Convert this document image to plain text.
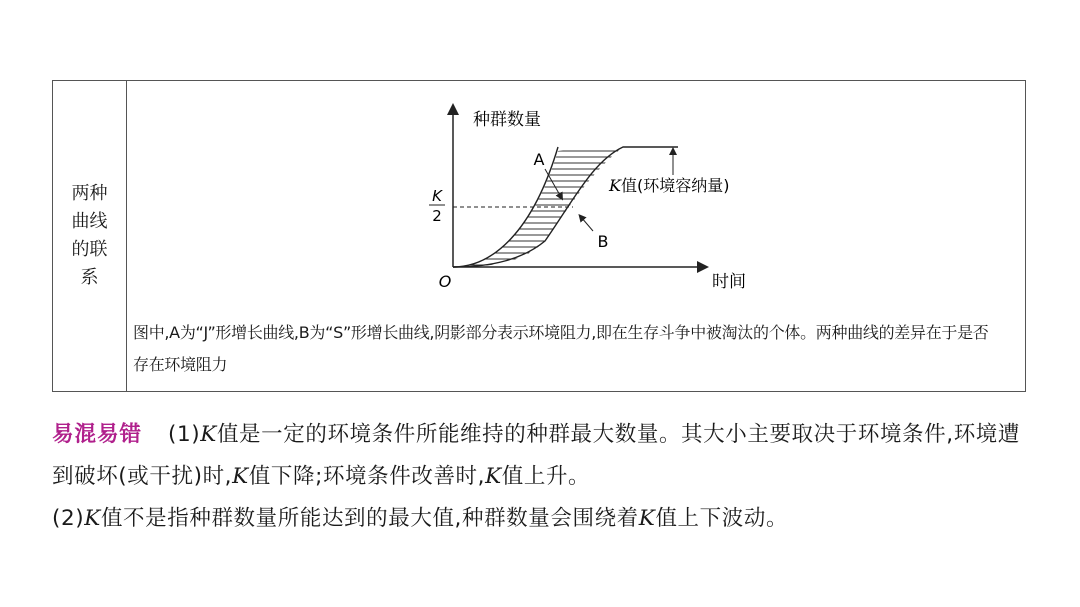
两种曲线的联系
种群数量
时间
O
K
2
A
B
K值(环境容纳量)
图中,A为“J”形增长曲线,B为“S”形增长曲线,阴影部分表示环境阻力,即在生存斗争中被淘汰的个体。两种曲线的差异在于是否存在环境阻力

易混易错 (1)K值是一定的环境条件所能维持的种群最大数量。其大小主要取决于环境条件,环境遭到破坏(或干扰)时,K值下降;环境条件改善时,K值上升。

(2)K值不是指种群数量所能达到的最大值,种群数量会围绕着K值上下波动。
